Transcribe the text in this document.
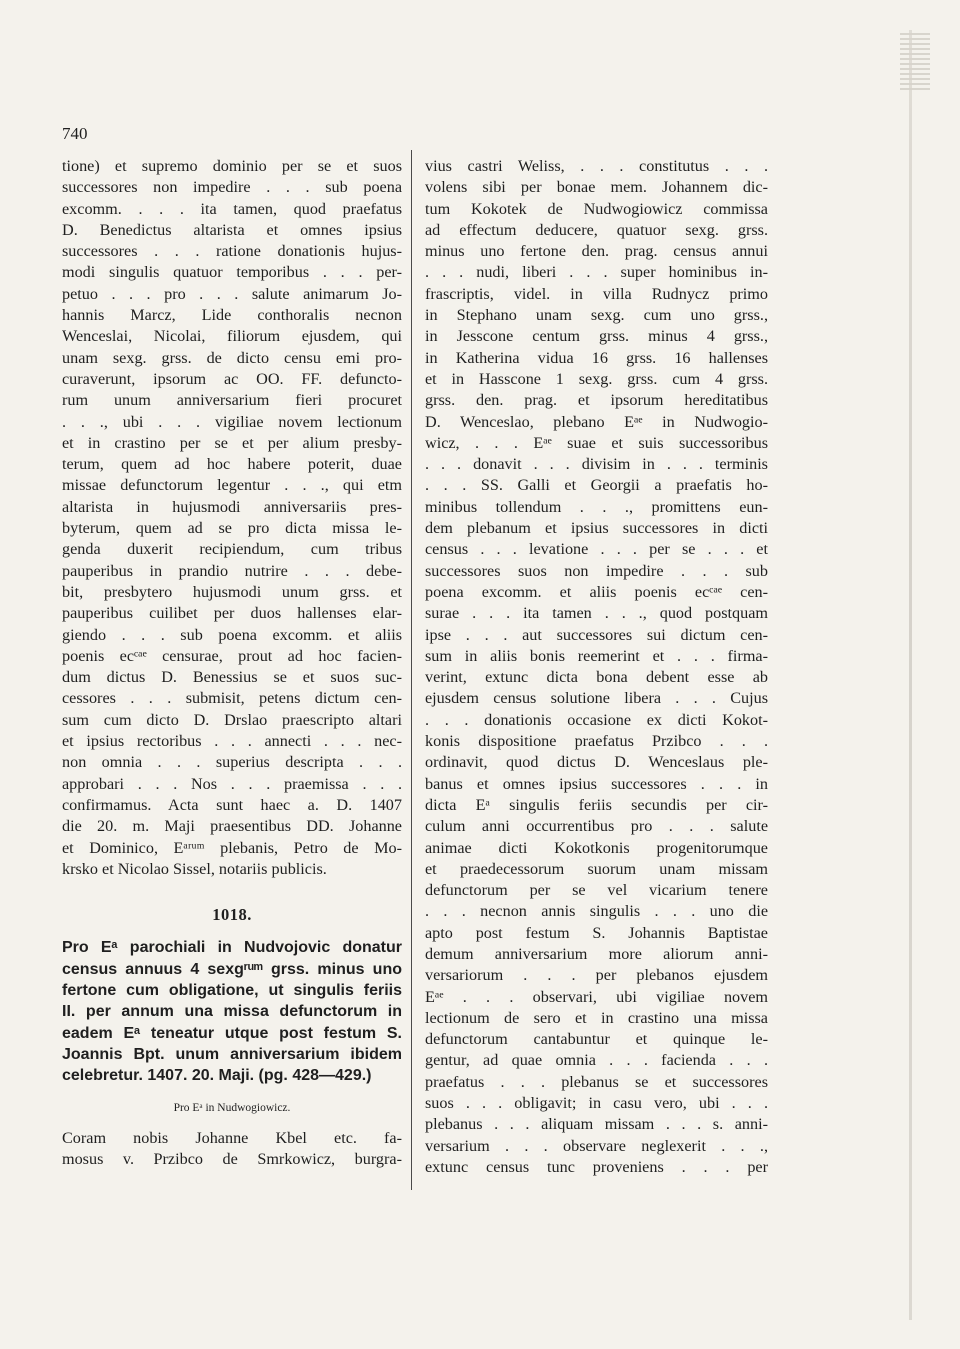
740
tione) et supremo dominio per se et suos
successores non impedire . . . sub poena
excomm. . . . ita tamen, quod praefatus
D. Benedictus altarista et omnes ipsius
successores . . . ratione donationis hujus-
modi singulis quatuor temporibus . . . per-
petuo . . . pro . . . salute animarum Jo-
hannis Marcz, Lide conthoralis necnon
Wenceslai, Nicolai, filiorum ejusdem, qui
unam sexg. grss. de dicto censu emi pro-
curaverunt, ipsorum ac OO. FF. defuncto-
rum unum anniversarium fieri procuret
. . ., ubi . . . vigiliae novem lectionum
et in crastino per se et per alium presby-
terum, quem ad hoc habere poterit, duae
missae defunctorum legentur . . ., qui etm
altarista in hujusmodi anniversariis pres-
byterum, quem ad se pro dicta missa le-
genda duxerit recipiendum, cum tribus
pauperibus in prandio nutrire . . . debe-
bit, presbytero hujusmodi unum grss. et
pauperibus cuilibet per duos hallenses elar-
giendo . . . sub poena excomm. et aliis
poenis ecᶜᵃᵉ censurae, prout ad hoc facien-
dum dictus D. Benessius se et suos suc-
cessores . . . submisit, petens dictum cen-
sum cum dicto D. Drslao praescripto altari
et ipsius rectoribus . . . annecti . . . nec-
non omnia . . . superius descripta . . .
approbari . . . Nos . . . praemissa . . .
confirmamus. Acta sunt haec a. D. 1407
die 20. m. Maji praesentibus DD. Johanne
et Dominico, Eᵃʳᵘᵐ plebanis, Petro de Mo-
krsko et Nicolao Sissel, notariis publicis.
1018.
Pro Eᵃ parochiali in Nudvojovic donatur
census annuus 4 sexgʳᵘᵐ grss. minus uno
fertone cum obligatione, ut singulis feriis
II. per annum una missa defunctorum in
eadem Eᵃ teneatur utque post festum S.
Joannis Bpt. unum anniversarium ibidem
celebretur. 1407. 20. Maji. (pg. 428—429.)
Pro Eᵃ in Nudwogiowicz.
Coram nobis Johanne Kbel etc. fa-
mosus v. Przibco de Smrkowicz, burgra-
vius castri Weliss, . . . constitutus . . .
volens sibi per bonae mem. Johannem dic-
tum Kokotek de Nudwogiowicz commissa
ad effectum deducere, quatuor sexg. grss.
minus uno fertone den. prag. census annui
. . . nudi, liberi . . . super hominibus in-
frascriptis, videl. in villa Rudnycz primo
in Stephano unam sexg. cum uno grss.,
in Jesscone centum grss. minus 4 grss.,
in Katherina vidua 16 grss. 16 hallenses
et in Hasscone 1 sexg. grss. cum 4 grss.
grss. den. prag. et ipsorum hereditatibus
D. Wenceslao, plebano Eᵃᵉ in Nudwogio-
wicz, . . . Eᵃᵉ suae et suis successoribus
. . . donavit . . . divisim in . . . terminis
. . . SS. Galli et Georgii a praefatis ho-
minibus tollendum . . ., promittens eun-
dem plebanum et ipsius successores in dicti
census . . . levatione . . . per se . . . et
successores suos non impedire . . . sub
poena excomm. et aliis poenis ecᶜᵃᵉ cen-
surae . . . ita tamen . . ., quod postquam
ipse . . . aut successores sui dictum cen-
sum in aliis bonis reemerint et . . . firma-
verint, extunc dicta bona debent esse ab
ejusdem census solutione libera . . . Cujus
. . . donationis occasione ex dicti Kokot-
konis dispositione praefatus Przibco . . .
ordinavit, quod dictus D. Wenceslaus ple-
banus et omnes ipsius successores . . . in
dicta Eᵃ singulis feriis secundis per cir-
culum anni occurrentibus pro . . . salute
animae dicti Kokotkonis progenitorumque
et praedecessorum suorum unam missam
defunctorum per se vel vicarium tenere
. . . necnon annis singulis . . . uno die
apto post festum S. Johannis Baptistae
demum anniversarium more aliorum anni-
versariorum . . . per plebanos ejusdem
Eᵃᵉ . . . observari, ubi vigiliae novem
lectionum de sero et in crastino una missa
defunctorum cantabuntur et quinque le-
gentur, ad quae omnia . . . facienda . . .
praefatus . . . plebanus se et successores
suos . . . obligavit; in casu vero, ubi . . .
plebanus . . . aliquam missam . . . s. anni-
versarium . . . observare neglexerit . . .,
extunc census tunc proveniens . . . per
